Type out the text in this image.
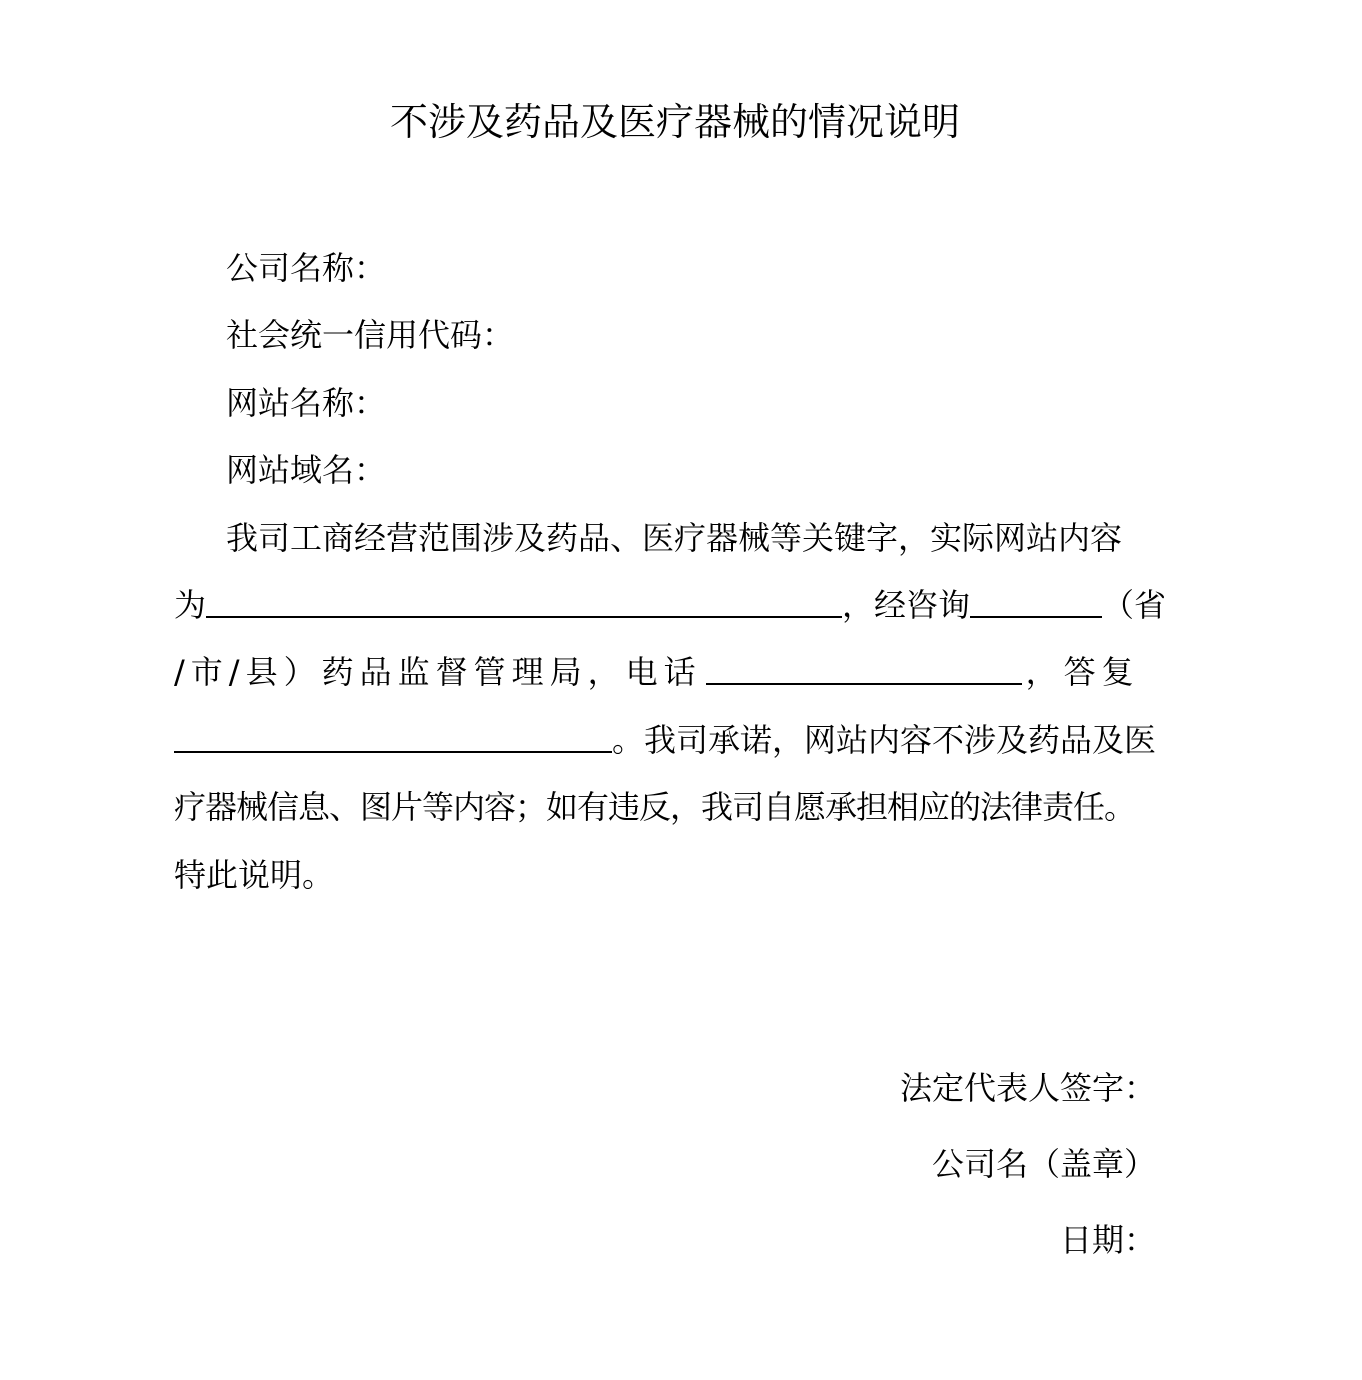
不涉及药品及医疗器械的情况说明
公司名称：
社会统一信用代码：
网站名称：
网站域名：
我司工商经营范围涉及药品、医疗器械等关键字，实际网站内容
为	，经咨询	（省
/市/县）药品监督管理局，电话	，答复
。我司承诺，网站内容不涉及药品及医
疗器械信息、图片等内容；如有违反，我司自愿承担相应的法律责任。
特此说明。
法定代表人签字：
公司名（盖章）
日期：
